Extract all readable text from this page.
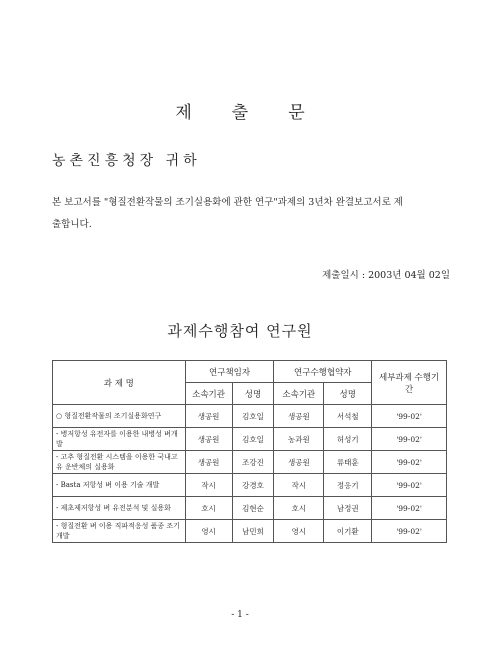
제 출 문
농촌진흥청장 귀하
본 보고서를 "형질전환작물의 조기실용화에 관한 연구"과제의 3년차 완결보고서로 제
출합니다.
제출일시 : 2003년 04월 02일
과제수행참여 연구원
과 제 명	연구책임자		연구수행협약자		세부과제 수행기간
	소속기관	성명	소속기관	성명	
○ 형질전환작물의 조기실용화연구	생공원	김호일	생공원	서석철	'99-02'
- 병저항성 유전자를 이용한 내병성 벼개발	생공원	김호일	농과원	허성기	'99-02'
- 고추 형질전환 시스템을 이용한 국내고유 운반체의 실용화	생공원	조강진	생공원	류태훈	'99-02'
- Basta 저항성 벼 이용 기술 개발	작시	강경호	작시	정응기	'99-02'
- 제초제저항성 벼 유전분석 및 실용화	호시	김현순	호시	남정권	'99-02'
- 형질전환 벼 이용 직파적응성 품종 조기개발	영시	남민희	영시	이기환	'99-02'
- 1 -
